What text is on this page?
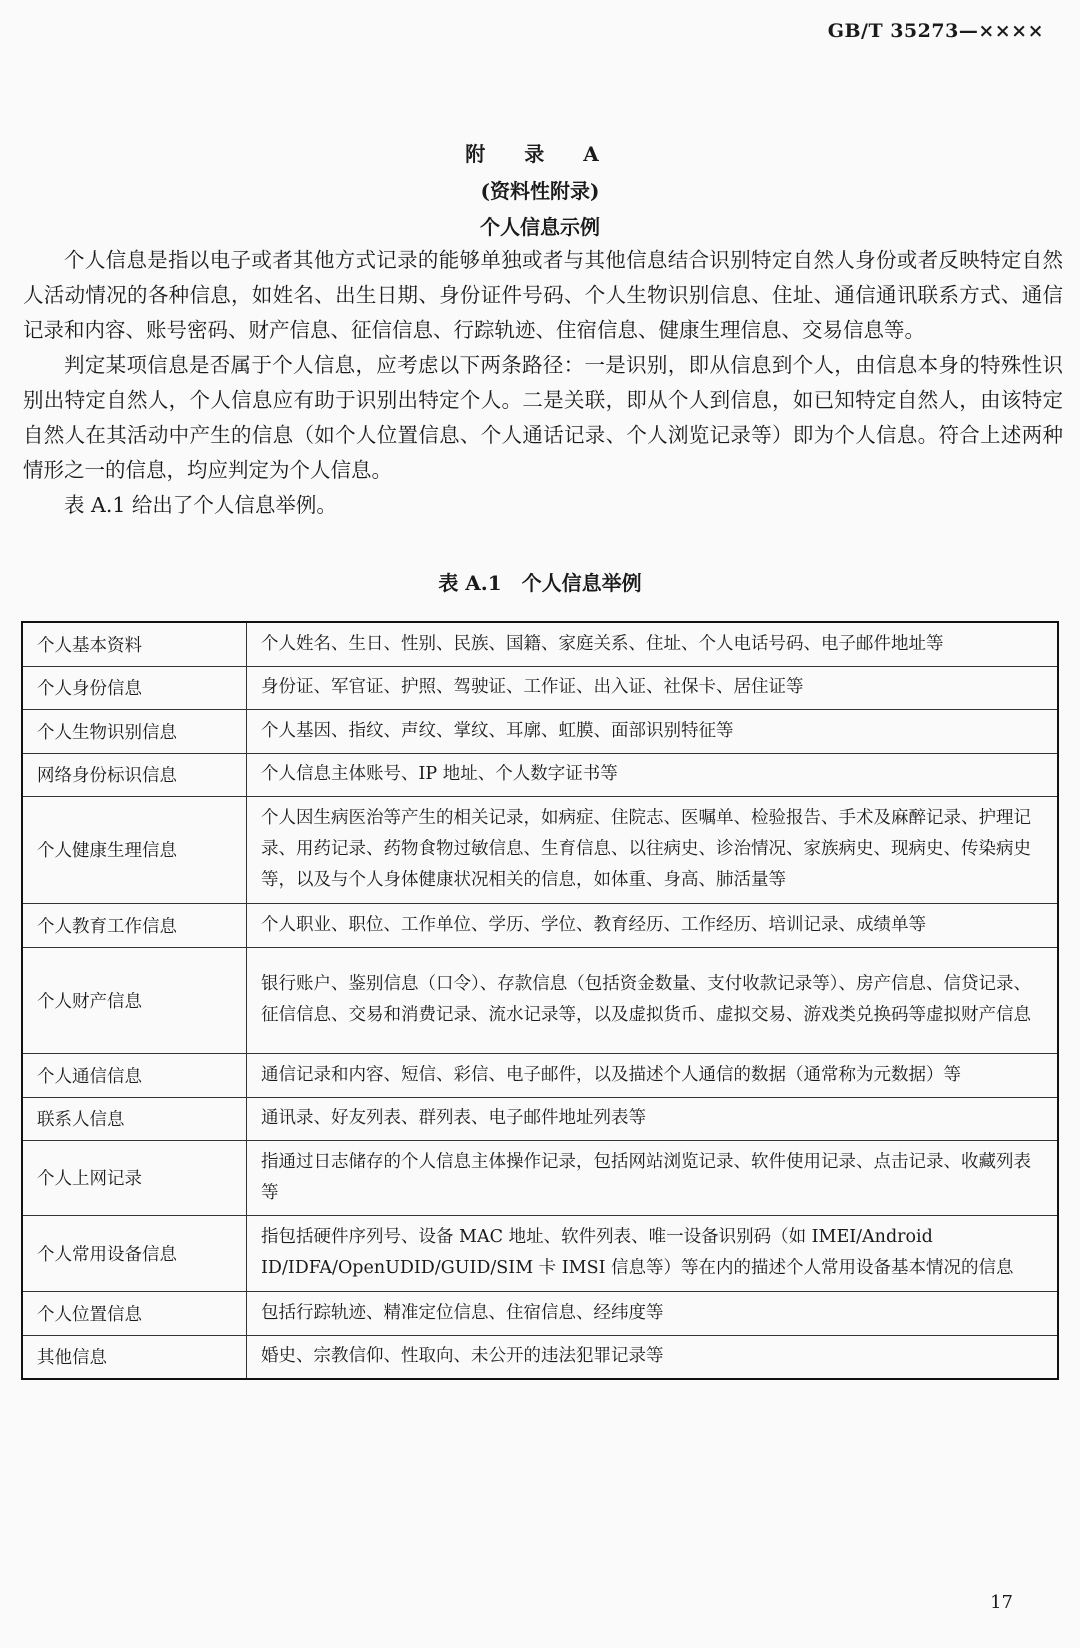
GB/T 35273—××××
附 录 A
(资料性附录)
个人信息示例

个人信息是指以电子或者其他方式记录的能够单独或者与其他信息结合识别特定自然人身份或者反映特定自然人活动情况的各种信息，如姓名、出生日期、身份证件号码、个人生物识别信息、住址、通信通讯联系方式、通信记录和内容、账号密码、财产信息、征信信息、行踪轨迹、住宿信息、健康生理信息、交易信息等。

判定某项信息是否属于个人信息，应考虑以下两条路径：一是识别，即从信息到个人，由信息本身的特殊性识别出特定自然人，个人信息应有助于识别出特定个人。二是关联，即从个人到信息，如已知特定自然人，由该特定自然人在其活动中产生的信息（如个人位置信息、个人通话记录、个人浏览记录等）即为个人信息。符合上述两种情形之一的信息，均应判定为个人信息。

表 A.1 给出了个人信息举例。

表 A.1　个人信息举例
个人基本资料	个人姓名、生日、性别、民族、国籍、家庭关系、住址、个人电话号码、电子邮件地址等
个人身份信息	身份证、军官证、护照、驾驶证、工作证、出入证、社保卡、居住证等
个人生物识别信息	个人基因、指纹、声纹、掌纹、耳廓、虹膜、面部识别特征等
网络身份标识信息	个人信息主体账号、IP 地址、个人数字证书等
个人健康生理信息	个人因生病医治等产生的相关记录，如病症、住院志、医嘱单、检验报告、手术及麻醉记录、护理记录、用药记录、药物食物过敏信息、生育信息、以往病史、诊治情况、家族病史、现病史、传染病史等，以及与个人身体健康状况相关的信息，如体重、身高、肺活量等
个人教育工作信息	个人职业、职位、工作单位、学历、学位、教育经历、工作经历、培训记录、成绩单等
个人财产信息	银行账户、鉴别信息（口令）、存款信息（包括资金数量、支付收款记录等）、房产信息、信贷记录、征信信息、交易和消费记录、流水记录等，以及虚拟货币、虚拟交易、游戏类兑换码等虚拟财产信息
个人通信信息	通信记录和内容、短信、彩信、电子邮件，以及描述个人通信的数据（通常称为元数据）等
联系人信息	通讯录、好友列表、群列表、电子邮件地址列表等
个人上网记录	指通过日志储存的个人信息主体操作记录，包括网站浏览记录、软件使用记录、点击记录、收藏列表等
个人常用设备信息	指包括硬件序列号、设备 MAC 地址、软件列表、唯一设备识别码（如 IMEI/Android ID/IDFA/OpenUDID/GUID/SIM 卡 IMSI 信息等）等在内的描述个人常用设备基本情况的信息
个人位置信息	包括行踪轨迹、精准定位信息、住宿信息、经纬度等
其他信息	婚史、宗教信仰、性取向、未公开的违法犯罪记录等
17
